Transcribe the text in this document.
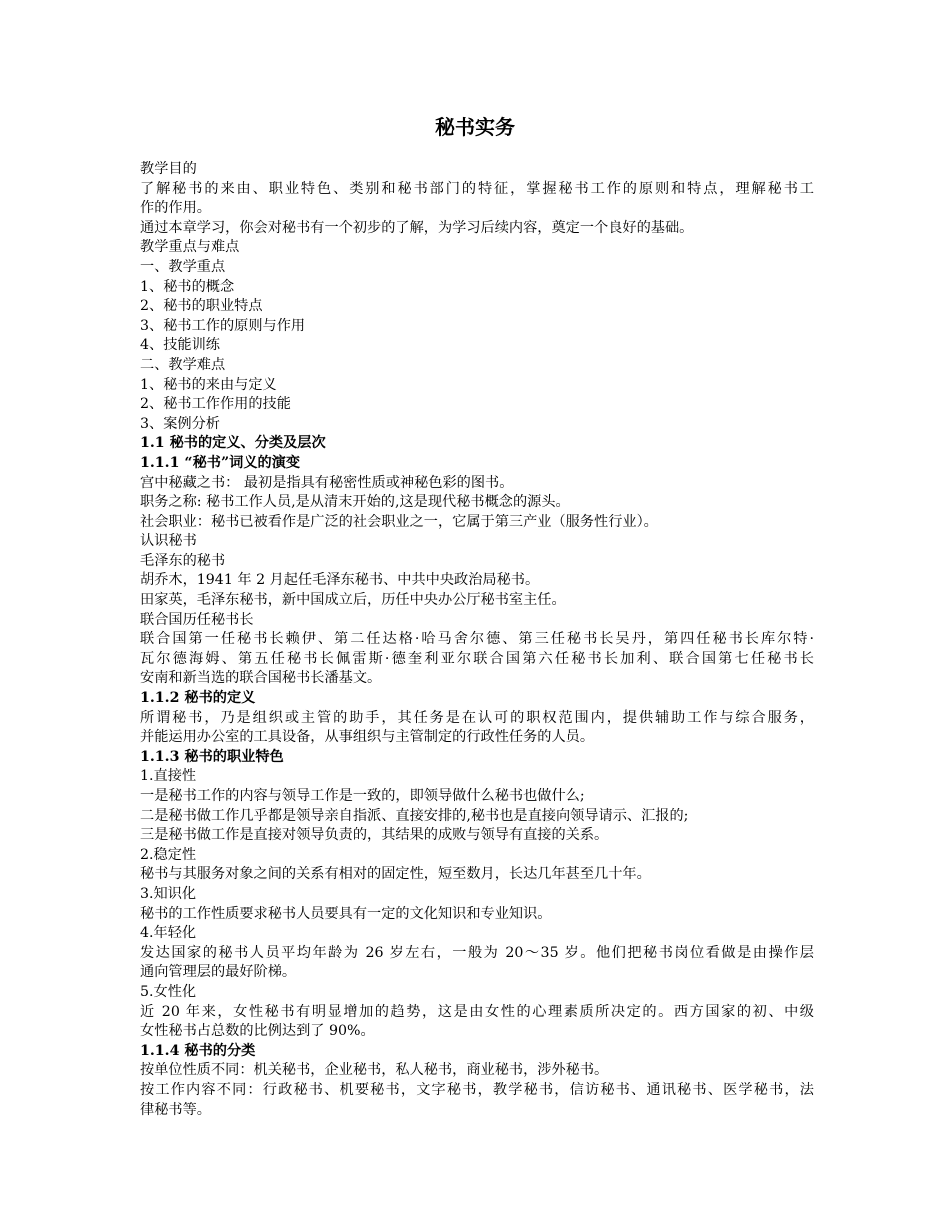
秘书实务
教学目的
了解秘书的来由、职业特色、类别和秘书部门的特征，掌握秘书工作的原则和特点，理解秘书工
作的作用。
通过本章学习，你会对秘书有一个初步的了解，为学习后续内容，奠定一个良好的基础。
教学重点与难点
一、教学重点
1、秘书的概念
2、秘书的职业特点
3、秘书工作的原则与作用
4、技能训练
二、教学难点
1、秘书的来由与定义
2、秘书工作作用的技能
3、案例分析
1.1 秘书的定义、分类及层次
1.1.1 “秘书”词义的演变
宫中秘藏之书： 最初是指具有秘密性质或神秘色彩的图书。
职务之称: 秘书工作人员,是从清末开始的,这是现代秘书概念的源头。
社会职业：秘书已被看作是广泛的社会职业之一，它属于第三产业（服务性行业）。
认识秘书
毛泽东的秘书
胡乔木，1941 年 2 月起任毛泽东秘书、中共中央政治局秘书。
田家英，毛泽东秘书，新中国成立后，历任中央办公厅秘书室主任。
联合国历任秘书长
联合国第一任秘书长赖伊、第二任达格·哈马舍尔德、第三任秘书长吴丹，第四任秘书长库尔特·
瓦尔德海姆、第五任秘书长佩雷斯·德奎利亚尔联合国第六任秘书长加利、联合国第七任秘书长
安南和新当选的联合国秘书长潘基文。
1.1.2 秘书的定义
所谓秘书，乃是组织或主管的助手，其任务是在认可的职权范围内，提供辅助工作与综合服务，
并能运用办公室的工具设备，从事组织与主管制定的行政性任务的人员。
1.1.3 秘书的职业特色
1.直接性
一是秘书工作的内容与领导工作是一致的，即领导做什么秘书也做什么;
二是秘书做工作几乎都是领导亲自指派、直接安排的,秘书也是直接向领导请示、汇报的;
三是秘书做工作是直接对领导负责的，其结果的成败与领导有直接的关系。
2.稳定性
秘书与其服务对象之间的关系有相对的固定性，短至数月，长达几年甚至几十年。
3.知识化
秘书的工作性质要求秘书人员要具有一定的文化知识和专业知识。
4.年轻化
发达国家的秘书人员平均年龄为 26 岁左右，一般为 20～35 岁。他们把秘书岗位看做是由操作层
通向管理层的最好阶梯。
5.女性化
近 20 年来，女性秘书有明显增加的趋势，这是由女性的心理素质所决定的。西方国家的初、中级
女性秘书占总数的比例达到了 90%。
1.1.4 秘书的分类
按单位性质不同：机关秘书，企业秘书，私人秘书，商业秘书，涉外秘书。
按工作内容不同：行政秘书、机要秘书，文字秘书，教学秘书，信访秘书、通讯秘书、医学秘书，法
律秘书等。
